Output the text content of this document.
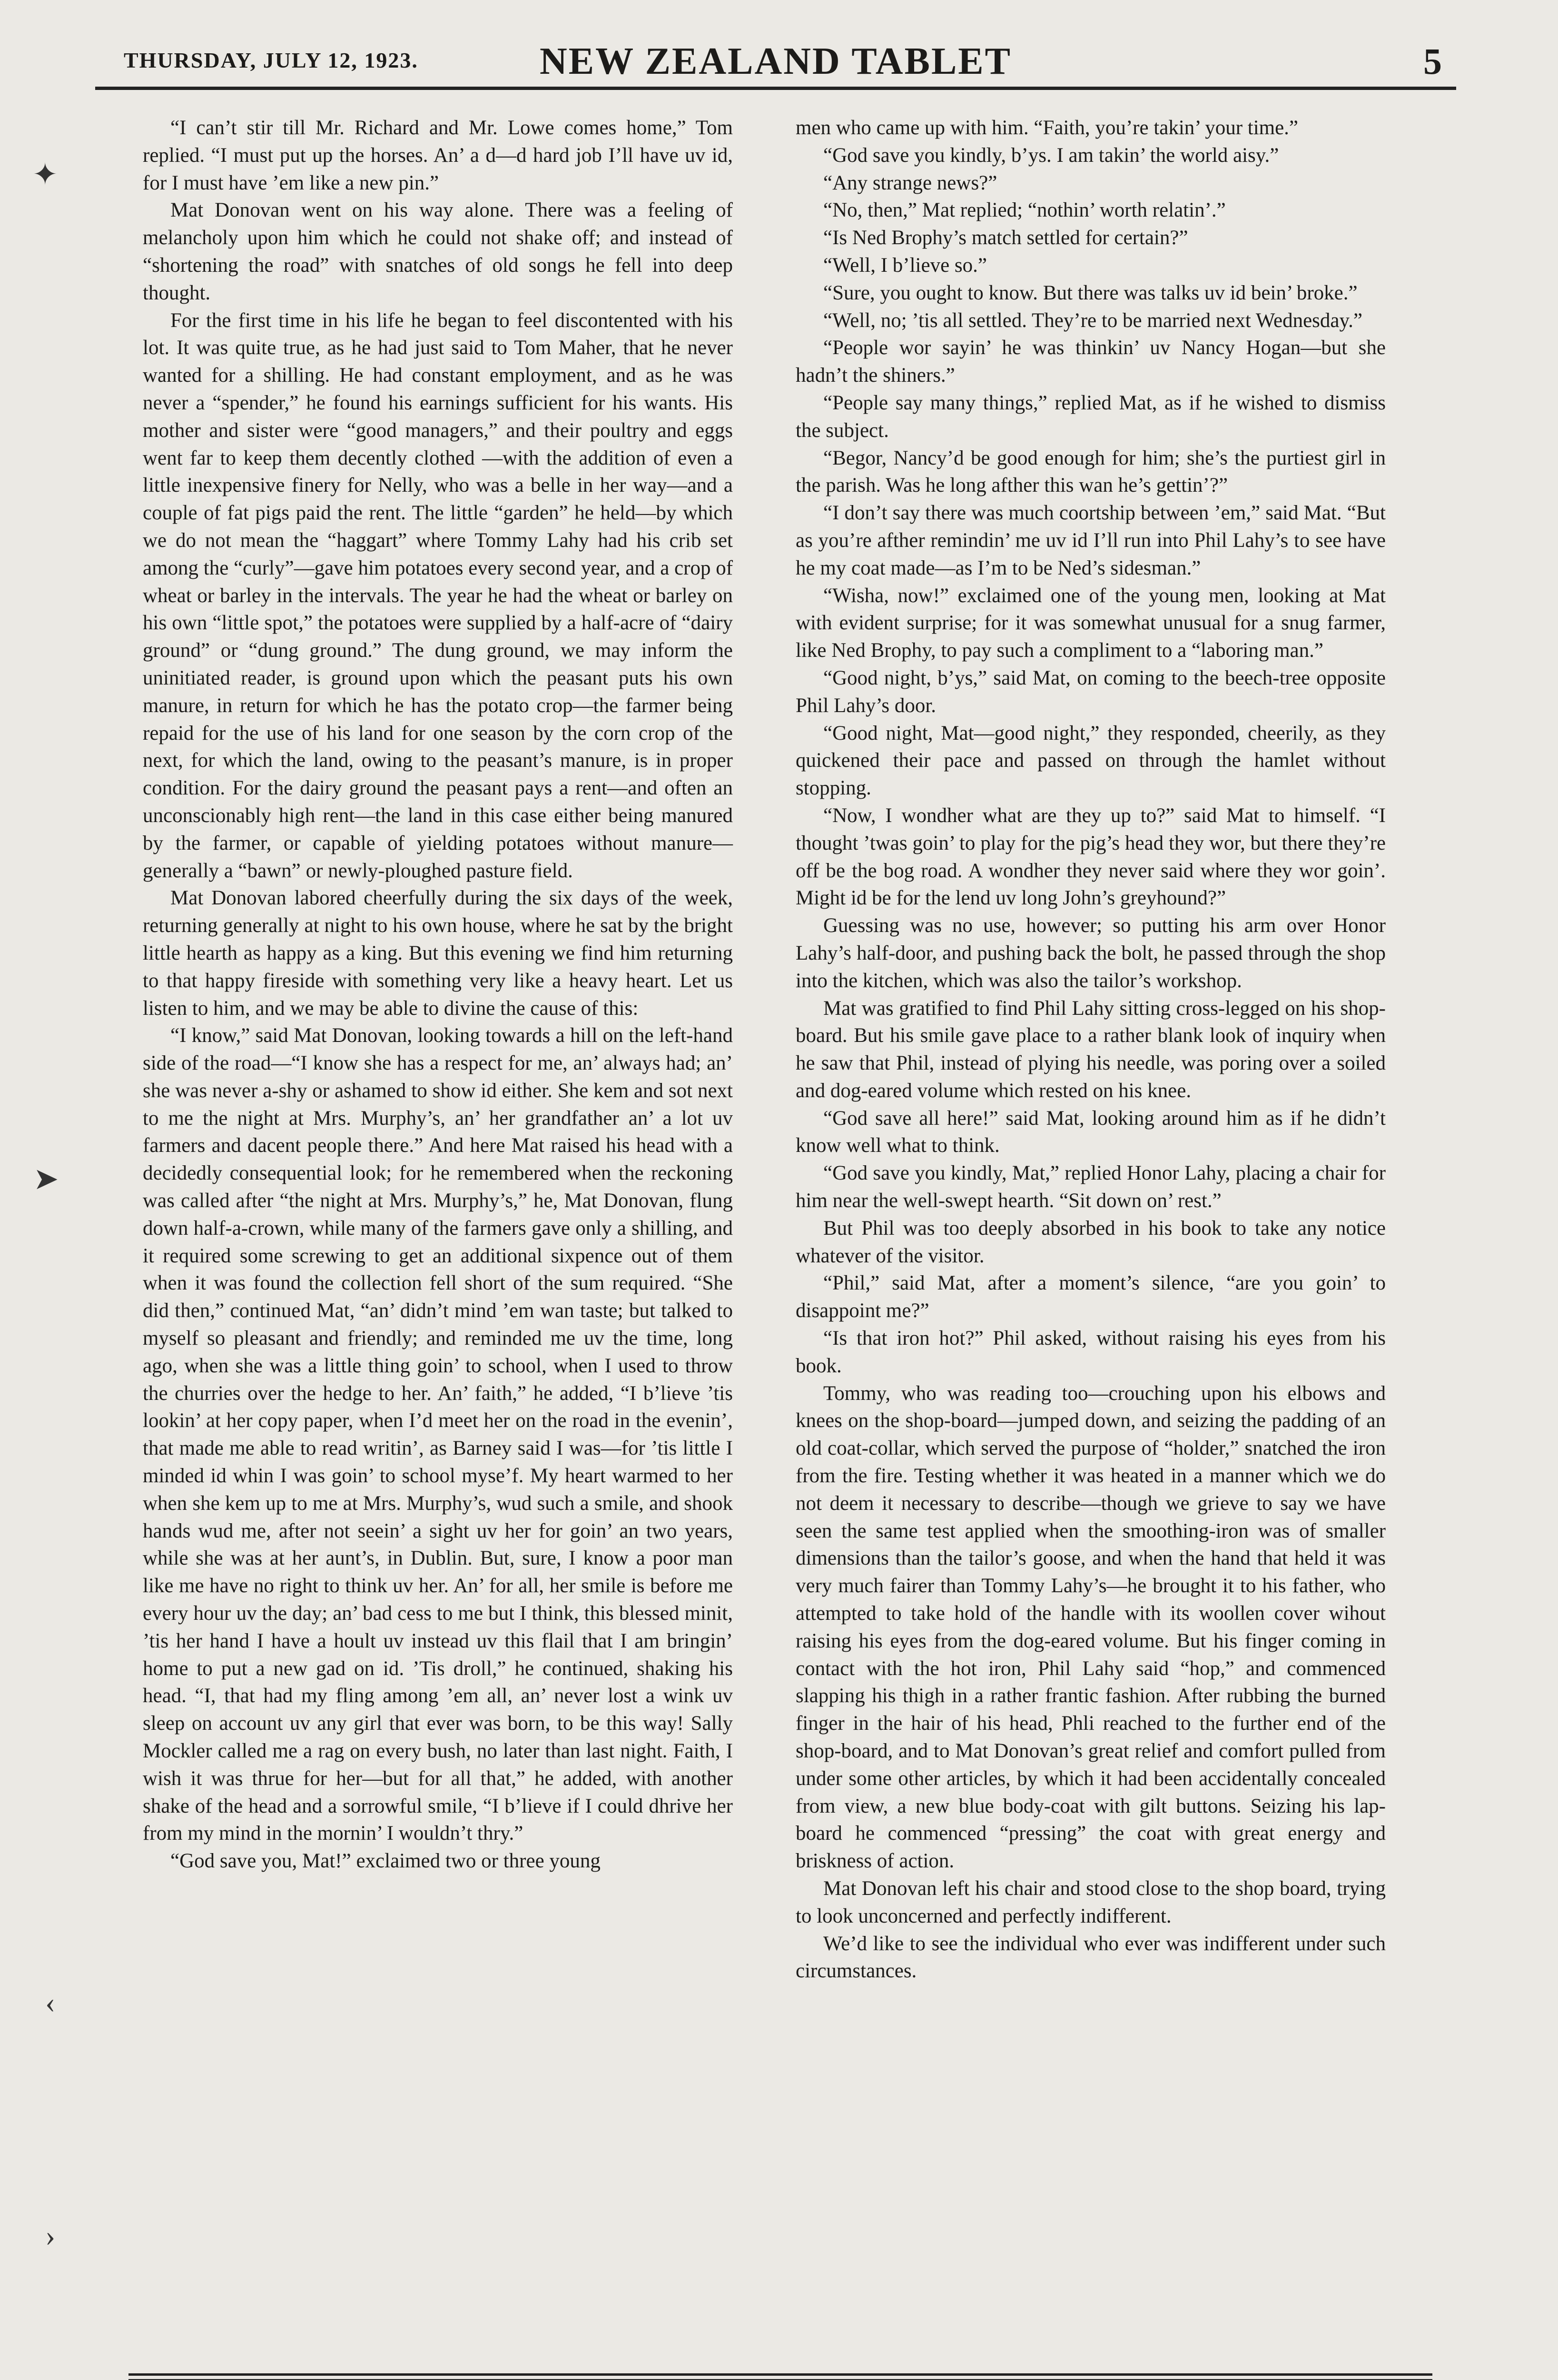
THURSDAY, JULY 12, 1923.	NEW ZEALAND TABLET	5
✦
➤
‹
›

“I can’t stir till Mr. Richard and Mr. Lowe comes home,” Tom replied. “I must put up the horses. An’ a d—d hard job I’ll have uv id, for I must have ’em like a new pin.”

Mat Donovan went on his way alone. There was a feeling of melancholy upon him which he could not shake off; and instead of “shortening the road” with snatches of old songs he fell into deep thought.

For the first time in his life he began to feel discontented with his lot. It was quite true, as he had just said to Tom Maher, that he never wanted for a shilling. He had constant employment, and as he was never a “spender,” he found his earnings sufficient for his wants. His mother and sister were “good managers,” and their poultry and eggs went far to keep them decently clothed —with the addition of even a little inexpensive finery for Nelly, who was a belle in her way—and a couple of fat pigs paid the rent. The little “garden” he held—by which we do not mean the “haggart” where Tommy Lahy had his crib set among the “curly”—gave him potatoes every second year, and a crop of wheat or barley in the intervals. The year he had the wheat or barley on his own “little spot,” the potatoes were supplied by a half-acre of “dairy ground” or “dung ground.” The dung ground, we may inform the uninitiated reader, is ground upon which the peasant puts his own manure, in return for which he has the potato crop—the farmer being repaid for the use of his land for one season by the corn crop of the next, for which the land, owing to the peasant’s manure, is in proper condition. For the dairy ground the peasant pays a rent—and often an unconscionably high rent—the land in this case either being manured by the farmer, or capable of yielding potatoes without manure—generally a “bawn” or newly-ploughed pasture field.

Mat Donovan labored cheerfully during the six days of the week, returning generally at night to his own house, where he sat by the bright little hearth as happy as a king. But this evening we find him returning to that happy fireside with something very like a heavy heart. Let us listen to him, and we may be able to divine the cause of this:

“I know,” said Mat Donovan, looking towards a hill on the left-hand side of the road—“I know she has a respect for me, an’ always had; an’ she was never a-shy or ashamed to show id either. She kem and sot next to me the night at Mrs. Murphy’s, an’ her grandfather an’ a lot uv farmers and dacent people there.” And here Mat raised his head with a decidedly consequential look; for he remembered when the reckoning was called after “the night at Mrs. Murphy’s,” he, Mat Donovan, flung down half-a-crown, while many of the farmers gave only a shilling, and it required some screwing to get an additional sixpence out of them when it was found the collection fell short of the sum required. “She did then,” continued Mat, “an’ didn’t mind ’em wan taste; but talked to myself so pleasant and friendly; and reminded me uv the time, long ago, when she was a little thing goin’ to school, when I used to throw the churries over the hedge to her. An’ faith,” he added, “I b’lieve ’tis lookin’ at her copy paper, when I’d meet her on the road in the evenin’, that made me able to read writin’, as Barney said I was—for ’tis little I minded id whin I was goin’ to school myse’f. My heart warmed to her when she kem up to me at Mrs. Murphy’s, wud such a smile, and shook hands wud me, after not seein’ a sight uv her for goin’ an two years, while she was at her aunt’s, in Dublin. But, sure, I know a poor man like me have no right to think uv her. An’ for all, her smile is before me every hour uv the day; an’ bad cess to me but I think, this blessed minit, ’tis her hand I have a hoult uv instead uv this flail that I am bringin’ home to put a new gad on id. ’Tis droll,” he continued, shaking his head. “I, that had my fling among ’em all, an’ never lost a wink uv sleep on account uv any girl that ever was born, to be this way! Sally Mockler called me a rag on every bush, no later than last night. Faith, I wish it was thrue for her—but for all that,” he added, with another shake of the head and a sorrowful smile, “I b’lieve if I could dhrive her from my mind in the mornin’ I wouldn’t thry.”

“God save you, Mat!” exclaimed two or three young

men who came up with him. “Faith, you’re takin’ your time.”

“God save you kindly, b’ys. I am takin’ the world aisy.”

“Any strange news?”

“No, then,” Mat replied; “nothin’ worth relatin’.”

“Is Ned Brophy’s match settled for certain?”

“Well, I b’lieve so.”

“Sure, you ought to know. But there was talks uv id bein’ broke.”

“Well, no; ’tis all settled. They’re to be married next Wednesday.”

“People wor sayin’ he was thinkin’ uv Nancy Hogan—but she hadn’t the shiners.”

“People say many things,” replied Mat, as if he wished to dismiss the subject.

“Begor, Nancy’d be good enough for him; she’s the purtiest girl in the parish. Was he long afther this wan he’s gettin’?”

“I don’t say there was much coortship between ’em,” said Mat. “But as you’re afther remindin’ me uv id I’ll run into Phil Lahy’s to see have he my coat made—as I’m to be Ned’s sidesman.”

“Wisha, now!” exclaimed one of the young men, looking at Mat with evident surprise; for it was somewhat unusual for a snug farmer, like Ned Brophy, to pay such a compliment to a “laboring man.”

“Good night, b’ys,” said Mat, on coming to the beech-tree opposite Phil Lahy’s door.

“Good night, Mat—good night,” they responded, cheerily, as they quickened their pace and passed on through the hamlet without stopping.

“Now, I wondher what are they up to?” said Mat to himself. “I thought ’twas goin’ to play for the pig’s head they wor, but there they’re off be the bog road. A wondher they never said where they wor goin’. Might id be for the lend uv long John’s greyhound?”

Guessing was no use, however; so putting his arm over Honor Lahy’s half-door, and pushing back the bolt, he passed through the shop into the kitchen, which was also the tailor’s workshop.

Mat was gratified to find Phil Lahy sitting cross-legged on his shop-board. But his smile gave place to a rather blank look of inquiry when he saw that Phil, instead of plying his needle, was poring over a soiled and dog-eared volume which rested on his knee.

“God save all here!” said Mat, looking around him as if he didn’t know well what to think.

“God save you kindly, Mat,” replied Honor Lahy, placing a chair for him near the well-swept hearth. “Sit down on’ rest.”

But Phil was too deeply absorbed in his book to take any notice whatever of the visitor.

“Phil,” said Mat, after a moment’s silence, “are you goin’ to disappoint me?”

“Is that iron hot?” Phil asked, without raising his eyes from his book.

Tommy, who was reading too—crouching upon his elbows and knees on the shop-board—jumped down, and seizing the padding of an old coat-collar, which served the purpose of “holder,” snatched the iron from the fire. Testing whether it was heated in a manner which we do not deem it necessary to describe—though we grieve to say we have seen the same test applied when the smoothing-iron was of smaller dimensions than the tailor’s goose, and when the hand that held it was very much fairer than Tommy Lahy’s—he brought it to his father, who attempted to take hold of the handle with its woollen cover wihout raising his eyes from the dog-eared volume. But his finger coming in contact with the hot iron, Phil Lahy said “hop,” and commenced slapping his thigh in a rather frantic fashion. After rubbing the burned finger in the hair of his head, Phli reached to the further end of the shop-board, and to Mat Donovan’s great relief and comfort pulled from under some other articles, by which it had been accidentally concealed from view, a new blue body-coat with gilt buttons. Seizing his lap-board he commenced “pressing” the coat with great energy and briskness of action.

Mat Donovan left his chair and stood close to the shop board, trying to look unconcerned and perfectly indifferent.

We’d like to see the individual who ever was indifferent under such circumstances.
